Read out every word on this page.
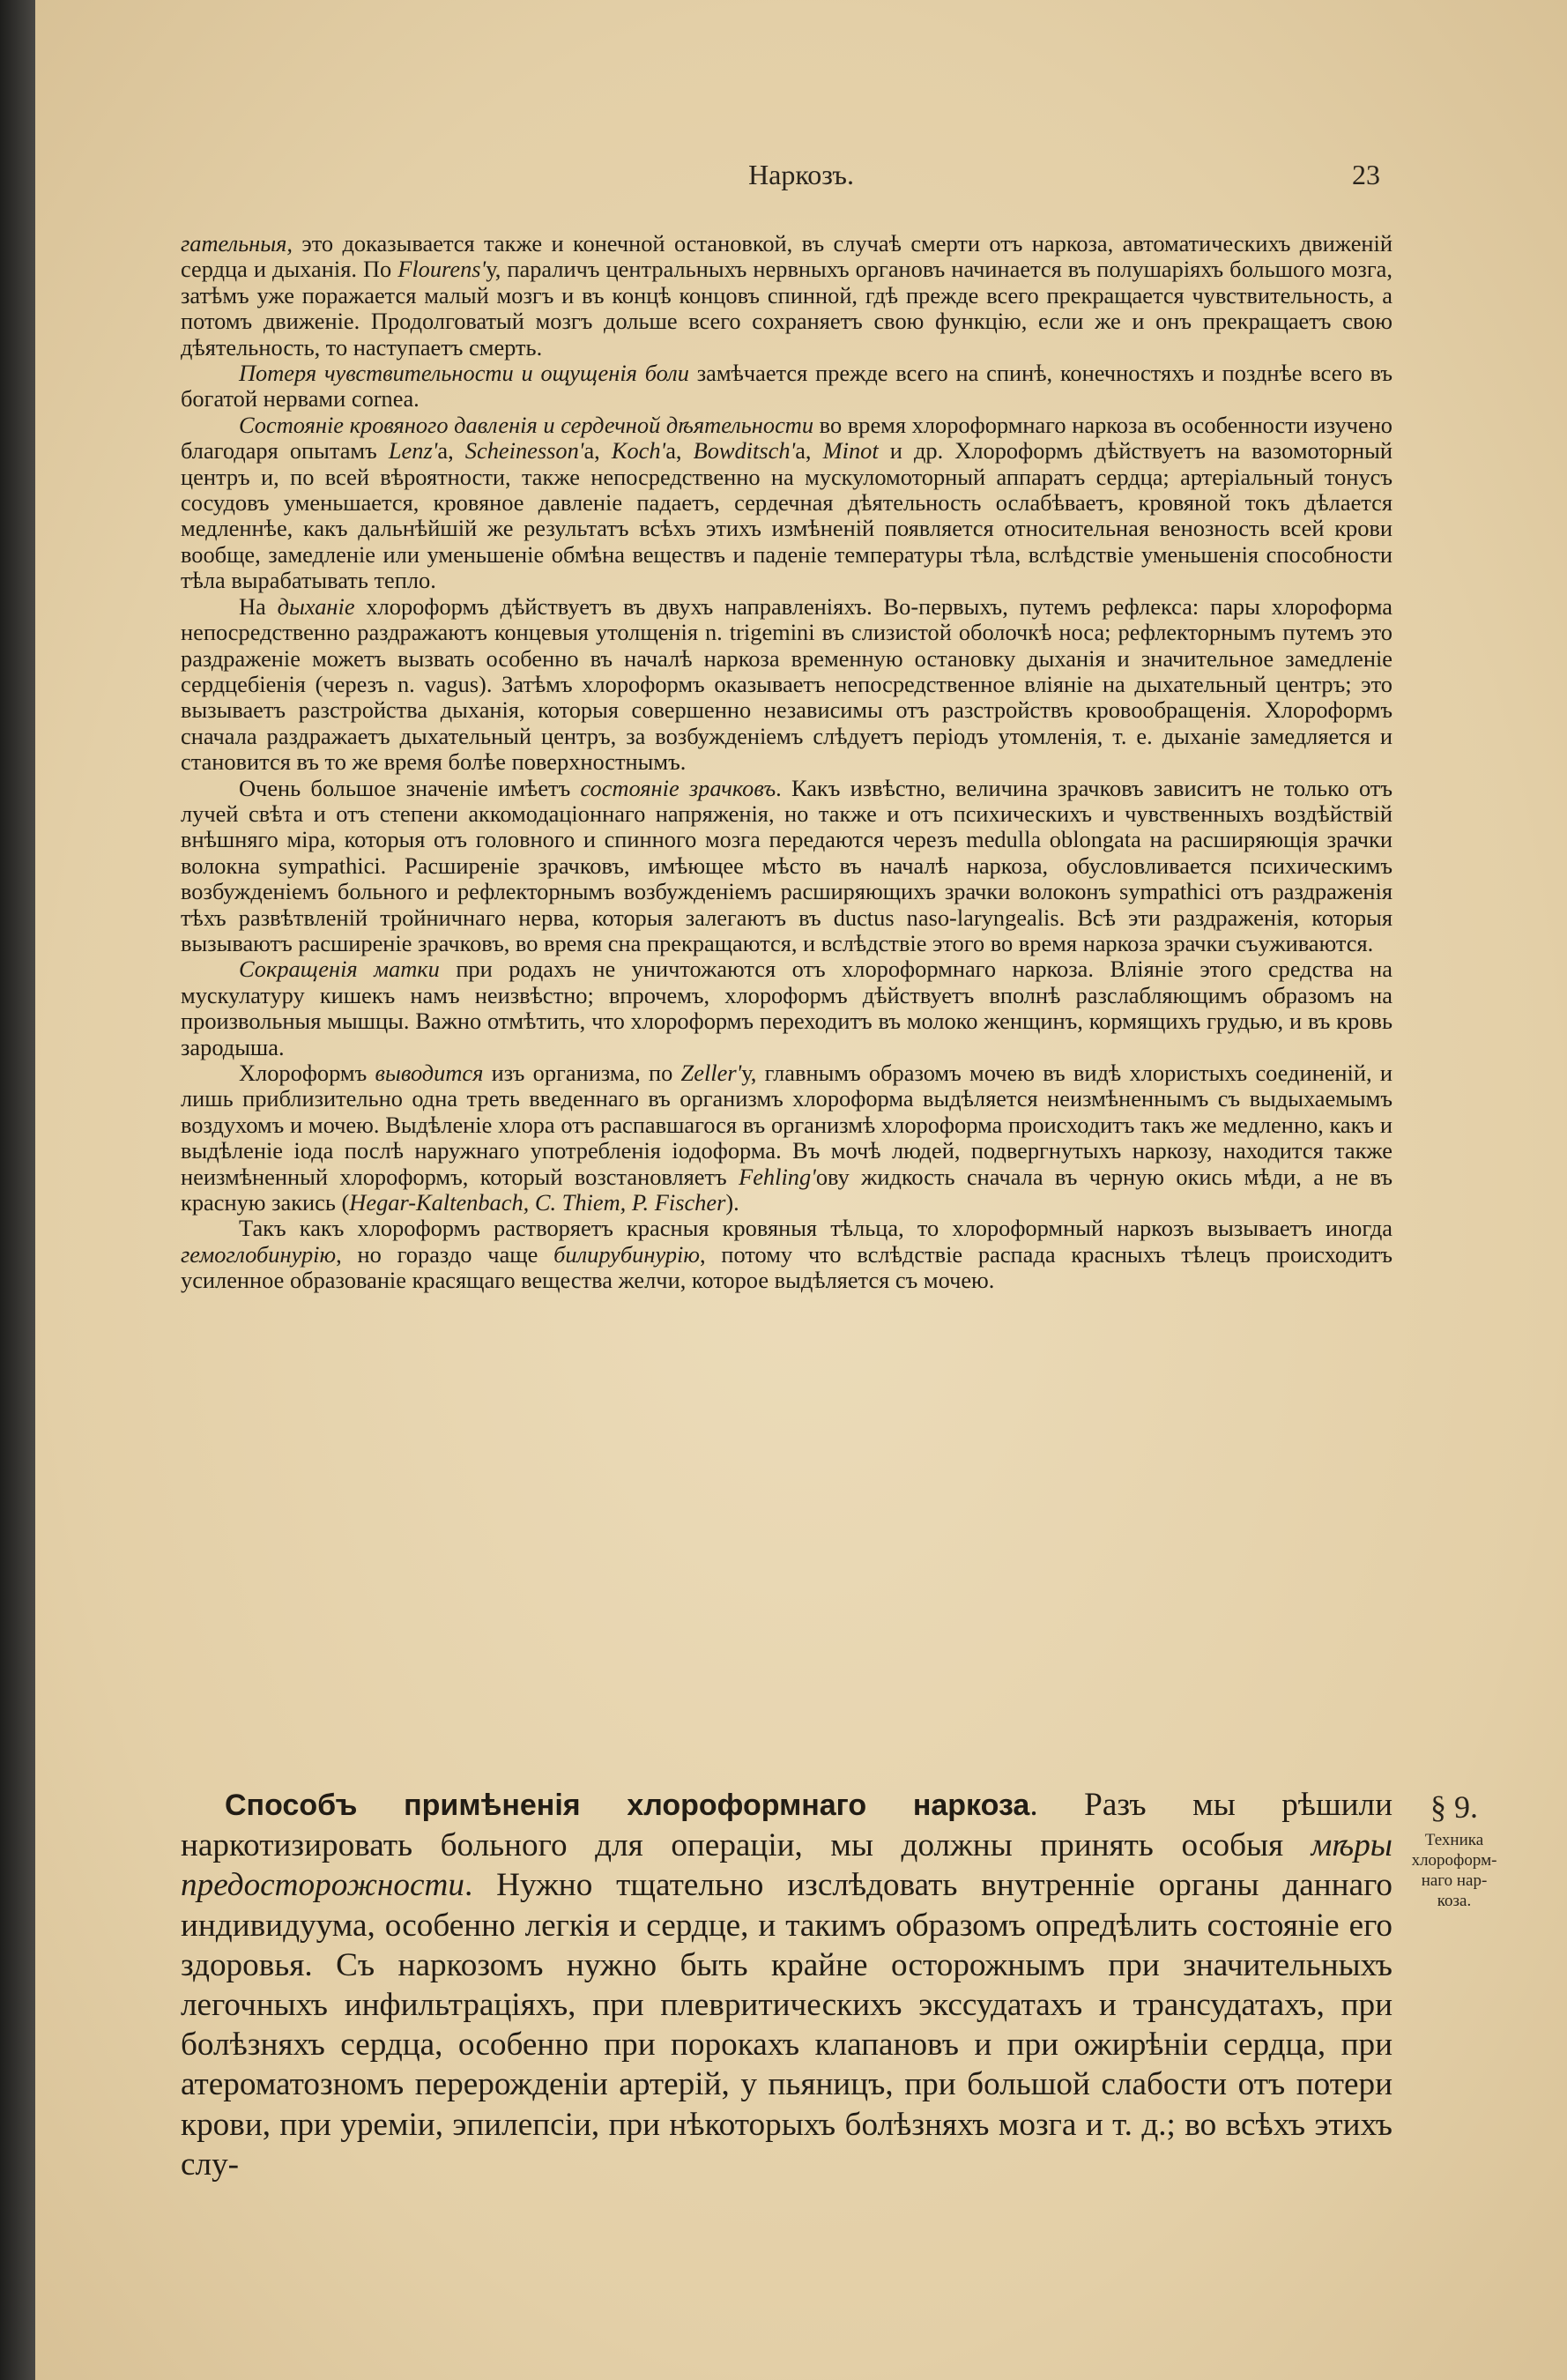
Наркозъ.	23

гательныя, это доказывается также и конечной остановкой, въ случаѣ смерти отъ наркоза, автоматическихъ движеній сердца и дыханія. По Flourens'у, параличъ центральныхъ нервныхъ органовъ начинается въ полушаріяхъ большого мозга, затѣмъ уже поражается малый мозгъ и въ концѣ концовъ спинной, гдѣ прежде всего прекращается чувствительность, а потомъ движеніе. Продолговатый мозгъ дольше всего сохраняетъ свою функцію, если же и онъ прекращаетъ свою дѣятельность, то наступаетъ смерть.

Потеря чувствительности и ощущенія боли замѣчается прежде всего на спинѣ, конечностяхъ и позднѣе всего въ богатой нервами cornea.

Состояніе кровяного давленія и сердечной дѣятельности во время хлороформнаго наркоза въ особенности изучено благодаря опытамъ Lenz'а, Scheinesson'а, Koch'а, Bowditsch'а, Minot и др. Хлороформъ дѣйствуетъ на вазомоторный центръ и, по всей вѣроятности, также непосредственно на мускуломоторный аппаратъ сердца; артеріальный тонусъ сосудовъ уменьшается, кровяное давленіе падаетъ, сердечная дѣятельность ослабѣваетъ, кровяной токъ дѣлается медленнѣе, какъ дальнѣйшій же результатъ всѣхъ этихъ измѣненій появляется относительная венозность всей крови вообще, замедленіе или уменьшеніе обмѣна веществъ и паденіе температуры тѣла, вслѣдствіе уменьшенія способности тѣла вырабатывать тепло.

На дыханіе хлороформъ дѣйствуетъ въ двухъ направленіяхъ. Во-первыхъ, путемъ рефлекса: пары хлороформа непосредственно раздражаютъ концевыя утолщенія n. trigemini въ слизистой оболочкѣ носа; рефлекторнымъ путемъ это раздраженіе можетъ вызвать особенно въ началѣ наркоза временную остановку дыханія и значительное замедленіе сердцебіенія (черезъ n. vagus). Затѣмъ хлороформъ оказываетъ непосредственное вліяніе на дыхательный центръ; это вызываетъ разстройства дыханія, которыя совершенно независимы отъ разстройствъ кровообращенія. Хлороформъ сначала раздражаетъ дыхательный центръ, за возбужденіемъ слѣдуетъ періодъ утомленія, т. е. дыханіе замедляется и становится въ то же время болѣе поверхностнымъ.

Очень большое значеніе имѣетъ состояніе зрачковъ. Какъ извѣстно, величина зрачковъ зависитъ не только отъ лучей свѣта и отъ степени аккомодаціоннаго напряженія, но также и отъ психическихъ и чувственныхъ воздѣйствій внѣшняго міра, которыя отъ головного и спинного мозга передаются черезъ medulla oblongata на расширяющія зрачки волокна sympathici. Расширеніе зрачковъ, имѣющее мѣсто въ началѣ наркоза, обусловливается психическимъ возбужденіемъ больного и рефлекторнымъ возбужденіемъ расширяющихъ зрачки волоконъ sympathici отъ раздраженія тѣхъ развѣтвленій тройничнаго нерва, которыя залегаютъ въ ductus naso-laryngealis. Всѣ эти раздраженія, которыя вызываютъ расширеніе зрачковъ, во время сна прекращаются, и вслѣдствіе этого во время наркоза зрачки съуживаются.

Сокращенія матки при родахъ не уничтожаются отъ хлороформнаго наркоза. Вліяніе этого средства на мускулатуру кишекъ намъ неизвѣстно; впрочемъ, хлороформъ дѣйствуетъ вполнѣ разслабляющимъ образомъ на произвольныя мышцы. Важно отмѣтить, что хлороформъ переходитъ въ молоко женщинъ, кормящихъ грудью, и въ кровь зародыша.

Хлороформъ выводится изъ организма, по Zeller'у, главнымъ образомъ мочею въ видѣ хлористыхъ соединеній, и лишь приблизительно одна треть введеннаго въ организмъ хлороформа выдѣляется неизмѣненнымъ съ выдыхаемымъ воздухомъ и мочею. Выдѣленіе хлора отъ распавшагося въ организмѣ хлороформа происходитъ такъ же медленно, какъ и выдѣленіе іода послѣ наружнаго употребленія іодоформа. Въ мочѣ людей, подвергнутыхъ наркозу, находится также неизмѣненный хлороформъ, который возстановляетъ Fehling'ову жидкость сначала въ черную окись мѣди, а не въ красную закись (Hegar-Kaltenbach, C. Thiem, P. Fischer).

Такъ какъ хлороформъ растворяетъ красныя кровяныя тѣльца, то хлороформный наркозъ вызываетъ иногда гемоглобинурію, но гораздо чаще билирубинурію, потому что вслѣдствіе распада красныхъ тѣлецъ происходитъ усиленное образованіе красящаго вещества желчи, которое выдѣляется съ мочею.

Способъ примѣненія хлороформнаго наркоза. Разъ мы рѣшили наркотизировать больного для операціи, мы должны принять особыя мѣры предосторожности. Нужно тщательно изслѣдовать внутренніе органы даннаго индивидуума, особенно легкія и сердце, и такимъ образомъ опредѣлить состояніе его здоровья. Съ наркозомъ нужно быть крайне осторожнымъ при значительныхъ легочныхъ инфильтраціяхъ, при плевритическихъ экссудатахъ и трансудатахъ, при болѣзняхъ сердца, особенно при порокахъ клапановъ и при ожирѣніи сердца, при атероматозномъ перерожденіи артерій, у пьяницъ, при большой слабости отъ потери крови, при уреміи, эпилепсіи, при нѣкоторыхъ болѣзняхъ мозга и т. д.; во всѣхъ этихъ слу-

§ 9.
Техника
хлороформ-
наго нар-
коза.
